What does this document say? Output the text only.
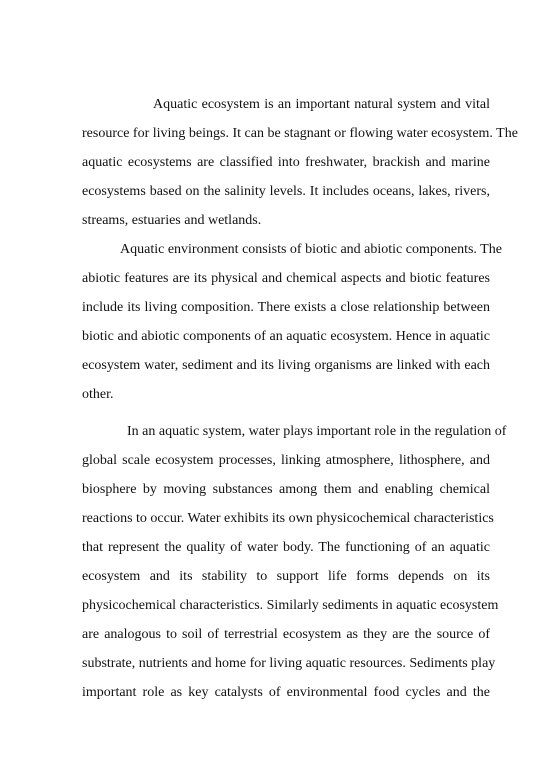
Aquatic ecosystem is an important natural system and vital
resource for living beings. It can be stagnant or flowing water ecosystem. The
aquatic ecosystems are classified into freshwater, brackish and marine
ecosystems based on the salinity levels. It includes oceans, lakes, rivers,
streams, estuaries and wetlands.
Aquatic environment consists of biotic and abiotic components. The
abiotic features are its physical and chemical aspects and biotic features
include its living composition. There exists a close relationship between
biotic and abiotic components of an aquatic ecosystem. Hence in aquatic
ecosystem water, sediment and its living organisms are linked with each
other.
In an aquatic system, water plays important role in the regulation of
global scale ecosystem processes, linking atmosphere, lithosphere, and
biosphere by moving substances among them and enabling chemical
reactions to occur. Water exhibits its own physicochemical characteristics
that represent the quality of water body. The functioning of an aquatic
ecosystem and its stability to support life forms depends on its
physicochemical characteristics. Similarly sediments in aquatic ecosystem
are analogous to soil of terrestrial ecosystem as they are the source of
substrate, nutrients and home for living aquatic resources. Sediments play
important role as key catalysts of environmental food cycles and the
